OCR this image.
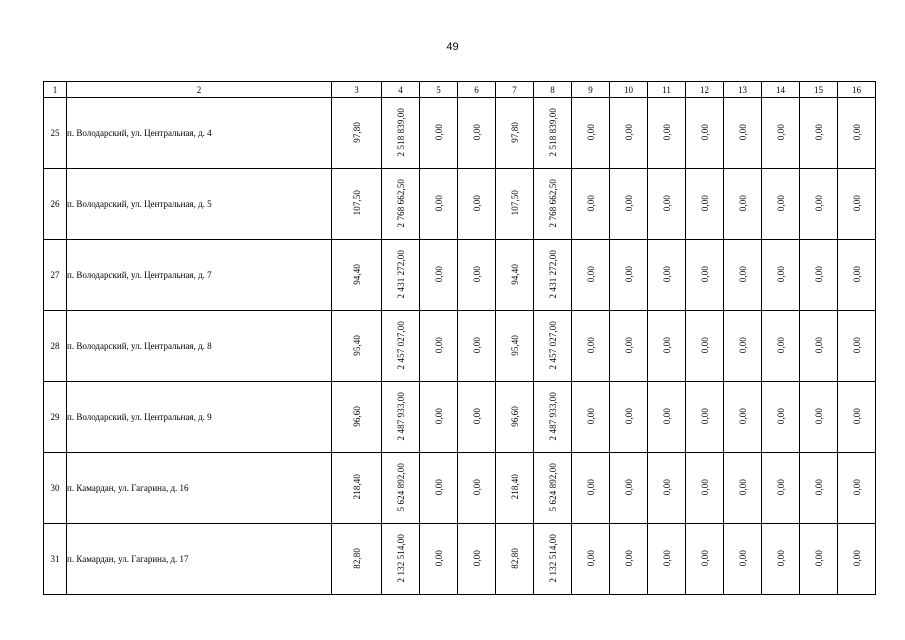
49
1	2	3	4	5	6	7	8	9	10	11	12	13	14	15	16
25	п. Володарский, ул. Центральная, д. 4	97,80	2 518 839,00	0,00	0,00	97,80	2 518 839,00	0,00	0,00	0,00	0,00	0,00	0,00	0,00	0,00
26	п. Володарский, ул. Центральная, д. 5	107,50	2 768 662,50	0,00	0,00	107,50	2 768 662,50	0,00	0,00	0,00	0,00	0,00	0,00	0,00	0,00
27	п. Володарский, ул. Центральная, д. 7	94,40	2 431 272,00	0,00	0,00	94,40	2 431 272,00	0,00	0,00	0,00	0,00	0,00	0,00	0,00	0,00
28	п. Володарский, ул. Центральная, д. 8	95,40	2 457 027,00	0,00	0,00	95,40	2 457 027,00	0,00	0,00	0,00	0,00	0,00	0,00	0,00	0,00
29	п. Володарский, ул. Центральная, д. 9	96,60	2 487 933,00	0,00	0,00	96,60	2 487 933,00	0,00	0,00	0,00	0,00	0,00	0,00	0,00	0,00
30	п. Камардан, ул. Гагарина, д. 16	218,40	5 624 892,00	0,00	0,00	218,40	5 624 892,00	0,00	0,00	0,00	0,00	0,00	0,00	0,00	0,00
31	п. Камардан, ул. Гагарина, д. 17	82,80	2 132 514,00	0,00	0,00	82,80	2 132 514,00	0,00	0,00	0,00	0,00	0,00	0,00	0,00	0,00
